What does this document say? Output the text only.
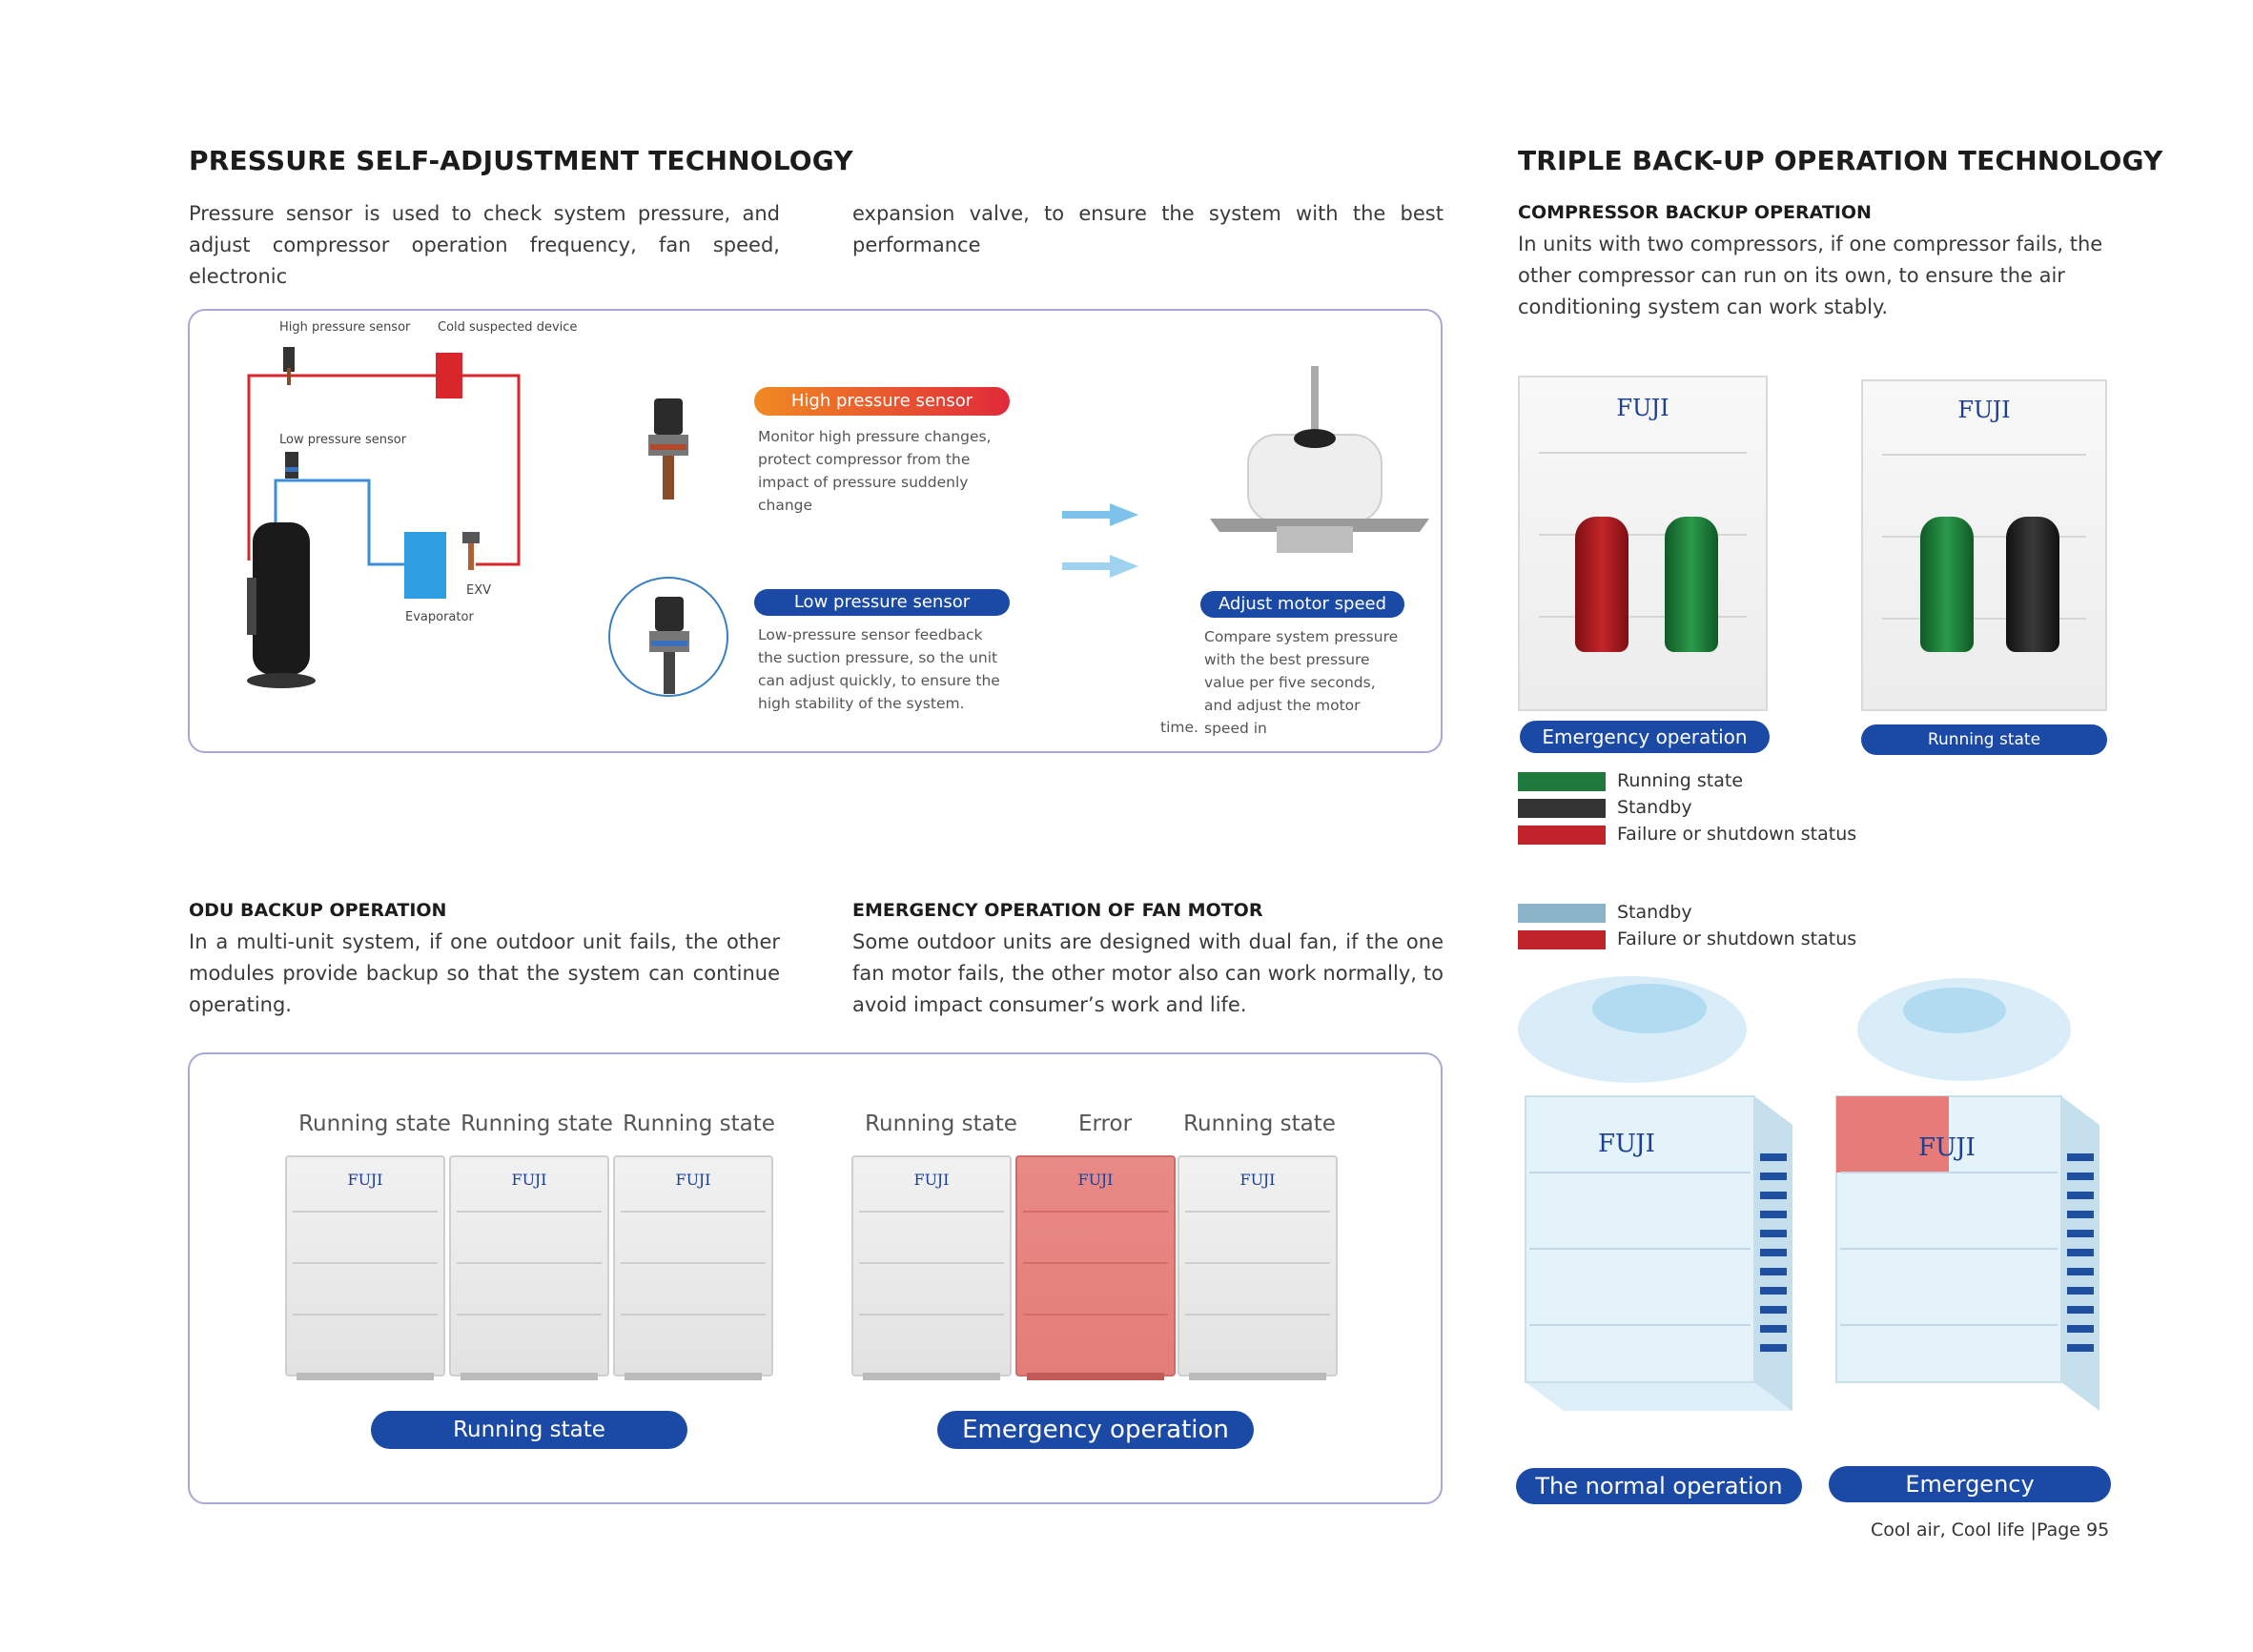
PRESSURE SELF-ADJUSTMENT TECHNOLOGY
Pressure sensor is used to check system pressure, and adjust compressor operation frequency, fan speed, electronic
expansion valve, to ensure the system with the best performance
High pressure sensor Cold suspected device
Low pressure sensor
EXV
Evaporator
High pressure sensor
Monitor high pressure changes, protect compressor from the impact of pressure suddenly change
Low pressure sensor
Low-pressure sensor feedback the suction pressure, so the unit can adjust quickly, to ensure the high stability of the system.
Adjust motor speed
Compare system pressure with the best pressure value per five seconds, and adjust the motor speed in
time.
ODU BACKUP OPERATION
In a multi-unit system, if one outdoor unit fails, the other modules provide backup so that the system can continue operating.
EMERGENCY OPERATION OF FAN MOTOR
Some outdoor units are designed with dual fan, if the one fan motor fails, the other motor also can work normally, to avoid impact consumer’s work and life.
Running state Running state Running state
FUJI	FUJI	FUJI
Running state
Running state	Error	Running state
FUJI	FUJI	FUJI
Emergency operation
TRIPLE BACK-UP OPERATION TECHNOLOGY
COMPRESSOR BACKUP OPERATION
In units with two compressors, if one compressor fails, the other compressor can run on its own, to ensure the air conditioning system can work stably.
FUJI
Emergency operation
FUJI
Running state
Running state
Standby
Failure or shutdown status
Standby
Failure or shutdown status
FUJI	FUJI
The normal operation	Emergency
Cool air, Cool life | Page 95
